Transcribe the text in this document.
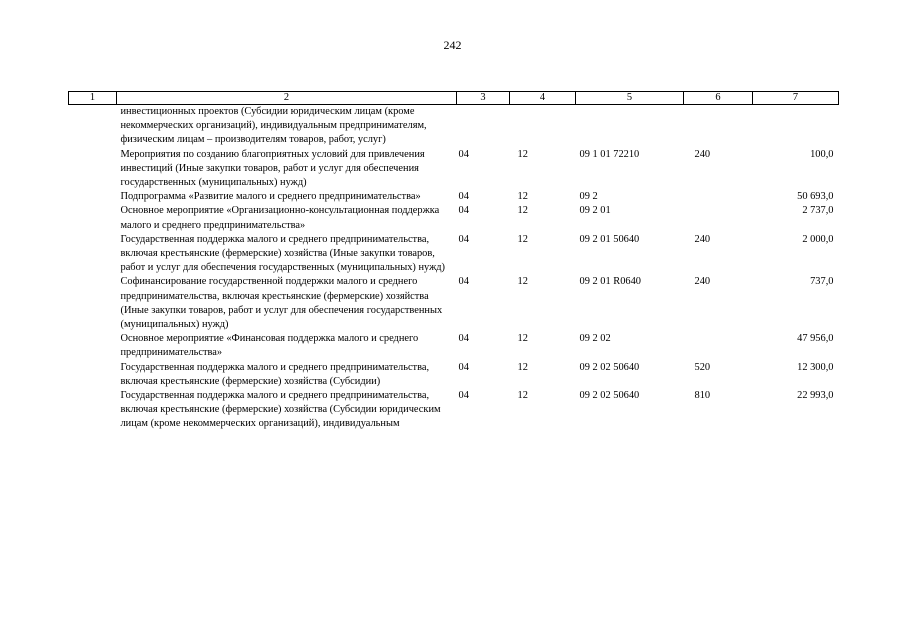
242
1	2	3	4	5	6	7
	инвестиционных проектов (Субсидии юридическим лицам (кроме некоммерческих организаций), индивидуальным предпринимателям, физическим лицам – производителям товаров, работ, услуг)					
	Мероприятия по созданию благоприятных условий для привлечения инвестиций (Иные закупки товаров, работ и услуг для обеспечения государственных (муниципальных) нужд)	04	12	09 1 01 72210	240	100,0
	Подпрограмма «Развитие малого и среднего предпринимательства»	04	12	09 2		50 693,0
	Основное мероприятие «Организационно-консультационная поддержка малого и среднего предпринимательства»	04	12	09 2 01		2 737,0
	Государственная поддержка малого и среднего предпринимательства, включая крестьянские (фермерские) хозяйства (Иные закупки товаров, работ и услуг для обеспечения государственных (муниципальных) нужд)	04	12	09 2 01 50640	240	2 000,0
	Софинансирование государственной поддержки малого и среднего предпринимательства, включая крестьянские (фермерские) хозяйства (Иные закупки товаров, работ и услуг для обеспечения государственных (муниципальных) нужд)	04	12	09 2 01 R0640	240	737,0
	Основное мероприятие «Финансовая поддержка малого и среднего предпринимательства»	04	12	09 2 02		47 956,0
	Государственная поддержка малого и среднего предпринимательства, включая крестьянские (фермерские) хозяйства (Субсидии)	04	12	09 2 02 50640	520	12 300,0
	Государственная поддержка малого и среднего предпринимательства, включая крестьянские (фермерские) хозяйства (Субсидии юридическим лицам (кроме некоммерческих организаций), индивидуальным	04	12	09 2 02 50640	810	22 993,0
